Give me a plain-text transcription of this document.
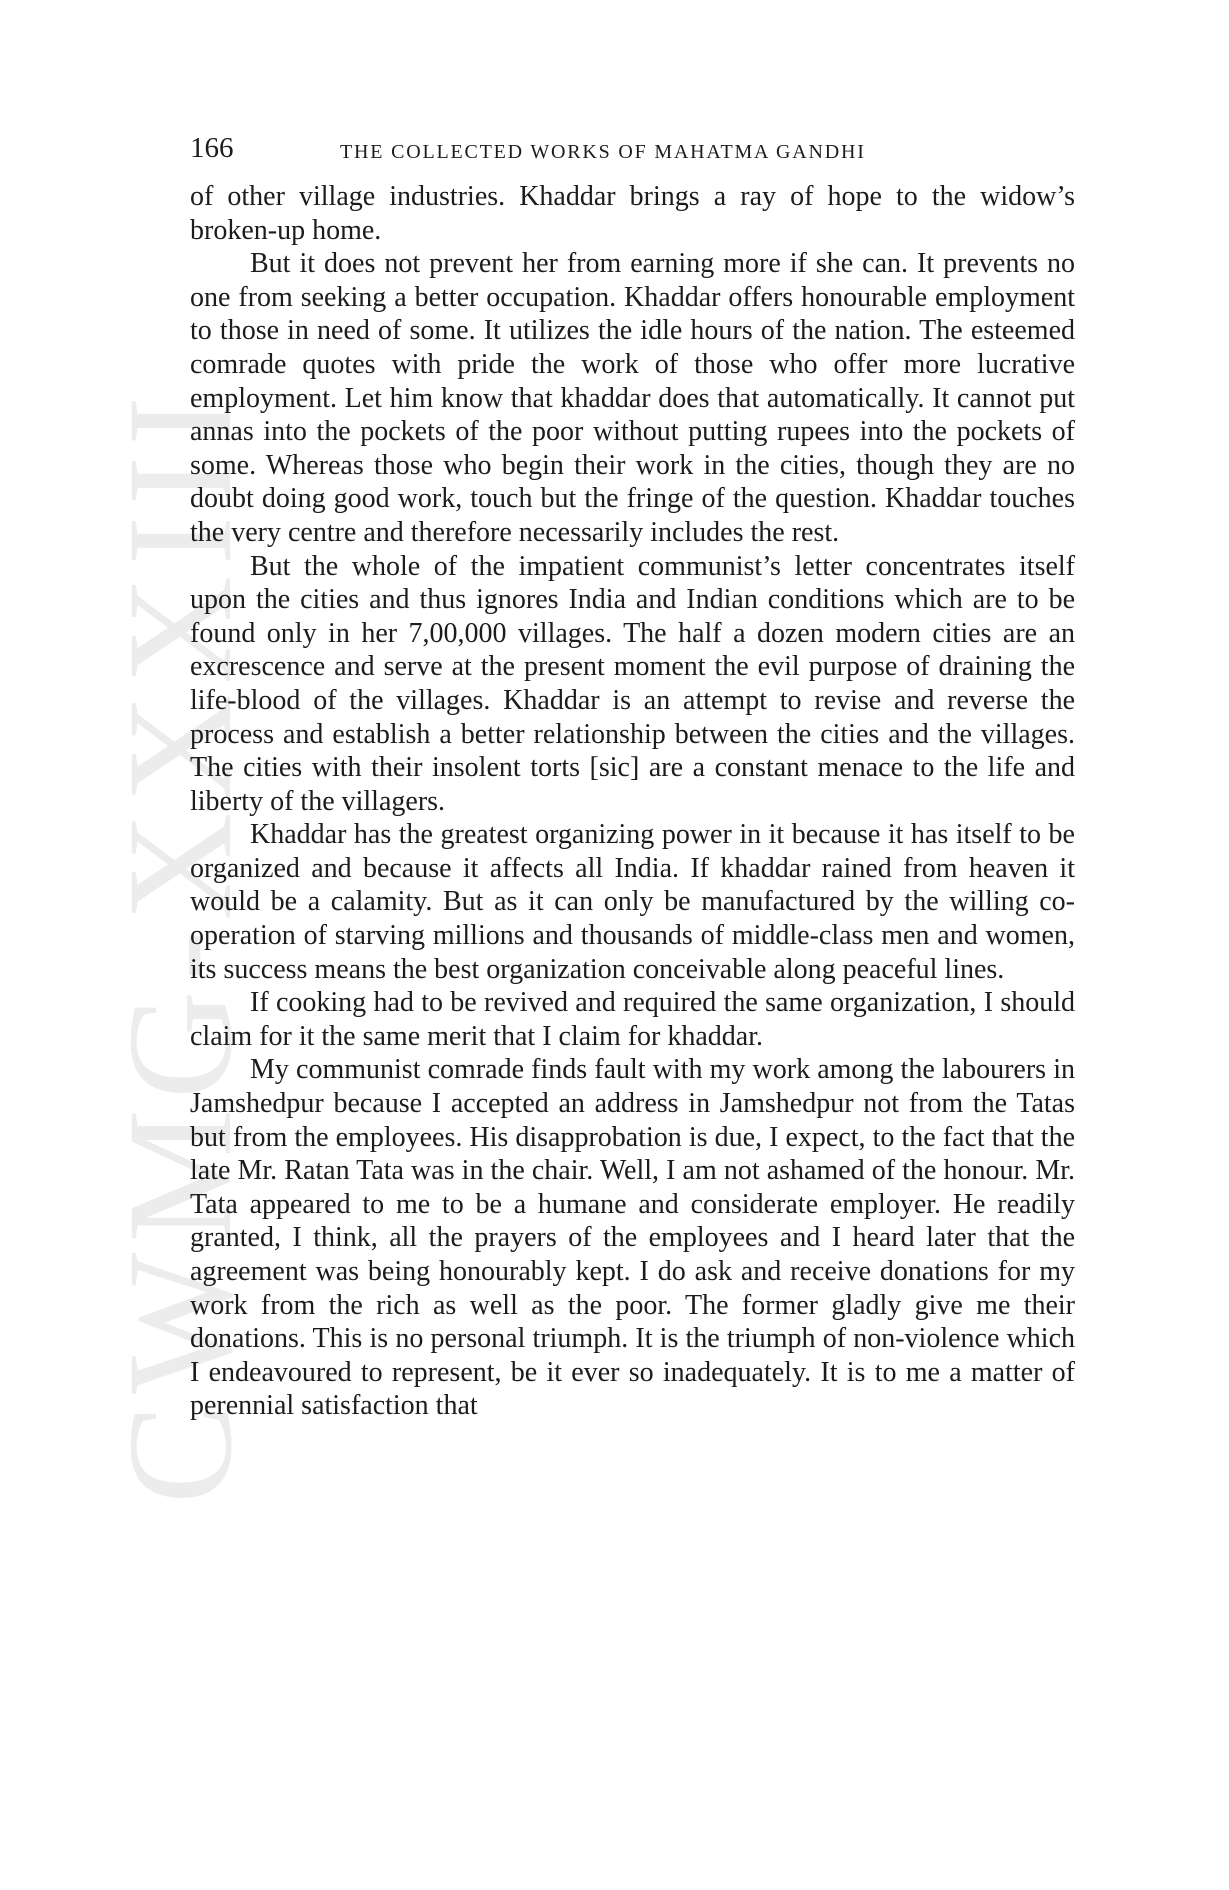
CWMG-XXXIII
166	THE COLLECTED WORKS OF MAHATMA GANDHI

of other village industries. Khaddar brings a ray of hope to the widow’s broken-up home.

But it does not prevent her from earning more if she can. It prevents no one from seeking a better occupation. Khaddar offers honourable employment to those in need of some. It utilizes the idle hours of the nation. The esteemed comrade quotes with pride the work of those who offer more lucrative employment. Let him know that khaddar does that automatically. It cannot put annas into the pockets of the poor without putting rupees into the pockets of some. Whereas those who begin their work in the cities, though they are no doubt doing good work, touch but the fringe of the question. Khaddar touches the very centre and therefore necessarily includes the rest.

But the whole of the impatient communist’s letter concentrates itself upon the cities and thus ignores India and Indian conditions which are to be found only in her 7,00,000 villages. The half a dozen modern cities are an excrescence and serve at the present moment the evil purpose of draining the life-blood of the villages. Khaddar is an attempt to revise and reverse the process and establish a better relationship between the cities and the villages. The cities with their insolent torts [sic] are a constant menace to the life and liberty of the villagers.

Khaddar has the greatest organizing power in it because it has itself to be organized and because it affects all India. If khaddar rained from heaven it would be a calamity. But as it can only be manufactured by the willing co-operation of starving millions and thousands of middle-class men and women, its success means the best organization conceivable along peaceful lines.

If cooking had to be revived and required the same organization, I should claim for it the same merit that I claim for khaddar.

My communist comrade finds fault with my work among the labourers in Jamshedpur because I accepted an address in Jamshedpur not from the Tatas but from the employees. His disapprobation is due, I expect, to the fact that the late Mr. Ratan Tata was in the chair. Well, I am not ashamed of the honour. Mr. Tata appeared to me to be a humane and considerate employer. He readily granted, I think, all the prayers of the employees and I heard later that the agreement was being honourably kept. I do ask and receive donations for my work from the rich as well as the poor. The former gladly give me their donations. This is no personal triumph. It is the triumph of non-violence which I endeavoured to represent, be it ever so inadequately. It is to me a matter of perennial satisfaction that
